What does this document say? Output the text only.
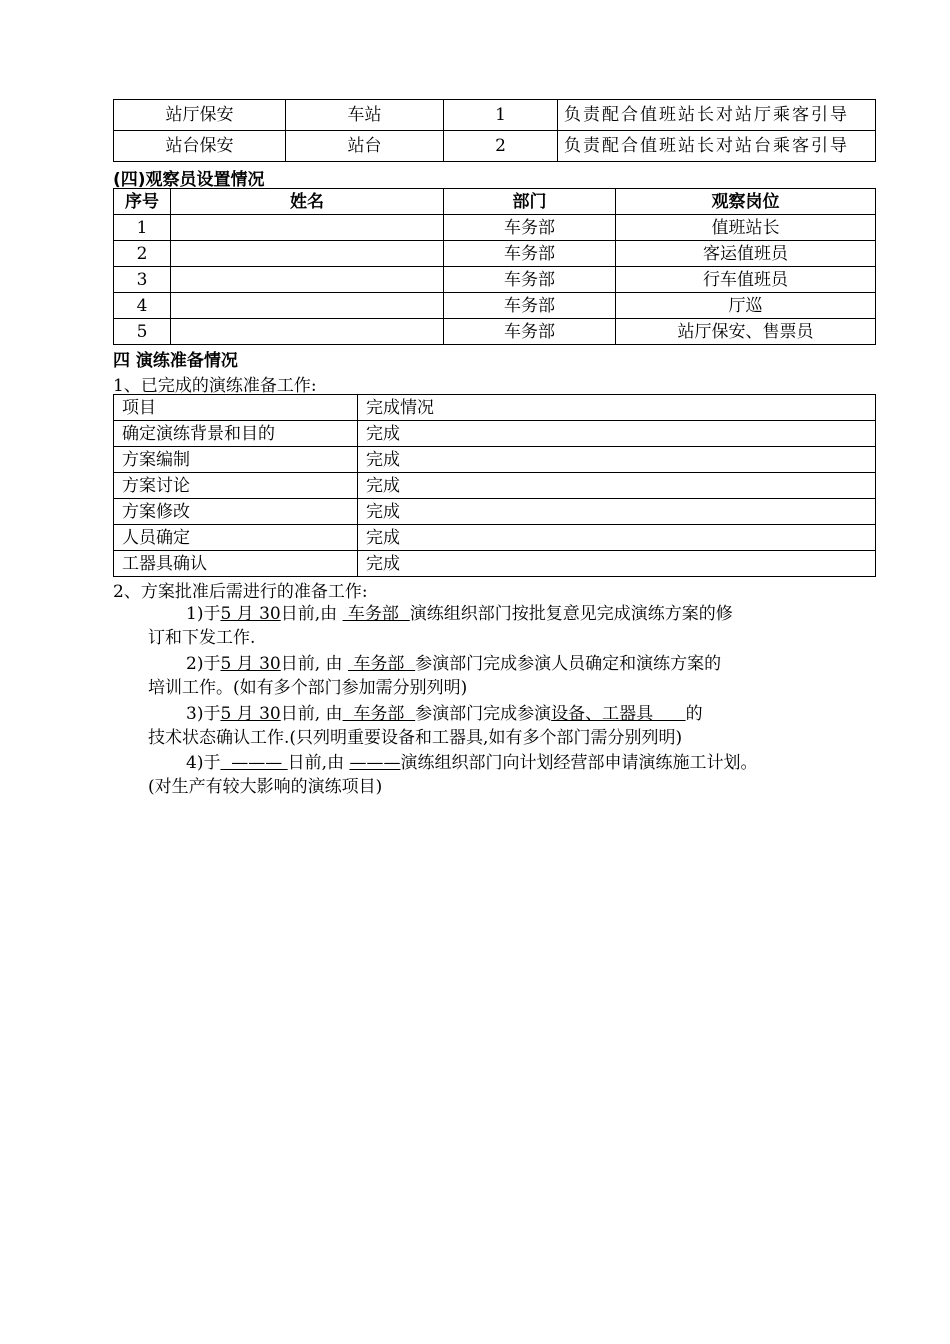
站厅保安	车站	1	负责配合值班站长对站厅乘客引导
站台保安	站台	2	负责配合值班站长对站台乘客引导
(四)观察员设置情况
序号	姓名	部门	观察岗位
1		车务部	值班站长
2		车务部	客运值班员
3		车务部	行车值班员
4		车务部	厅巡
5		车务部	站厅保安、售票员
四 演练准备情况
1、已完成的演练准备工作:
项目	完成情况
确定演练背景和目的	完成
方案编制	完成
方案讨论	完成
方案修改	完成
人员确定	完成
工器具确认	完成
2、方案批准后需进行的准备工作:
1)于5 月 30日前,由  车务部  演练组织部门按批复意见完成演练方案的修
订和下发工作.
2)于5 月 30日前, 由  车务部  参演部门完成参演人员确定和演练方案的
培训工作。(如有多个部门参加需分别列明)
3)于5 月 30日前, 由  车务部  参演部门完成参演设备、工器具      的
技术状态确认工作.(只列明重要设备和工器具,如有多个部门需分别列明)
4)于  ——— 日前,由 ———演练组织部门向计划经营部申请演练施工计划。
(对生产有较大影响的演练项目)
